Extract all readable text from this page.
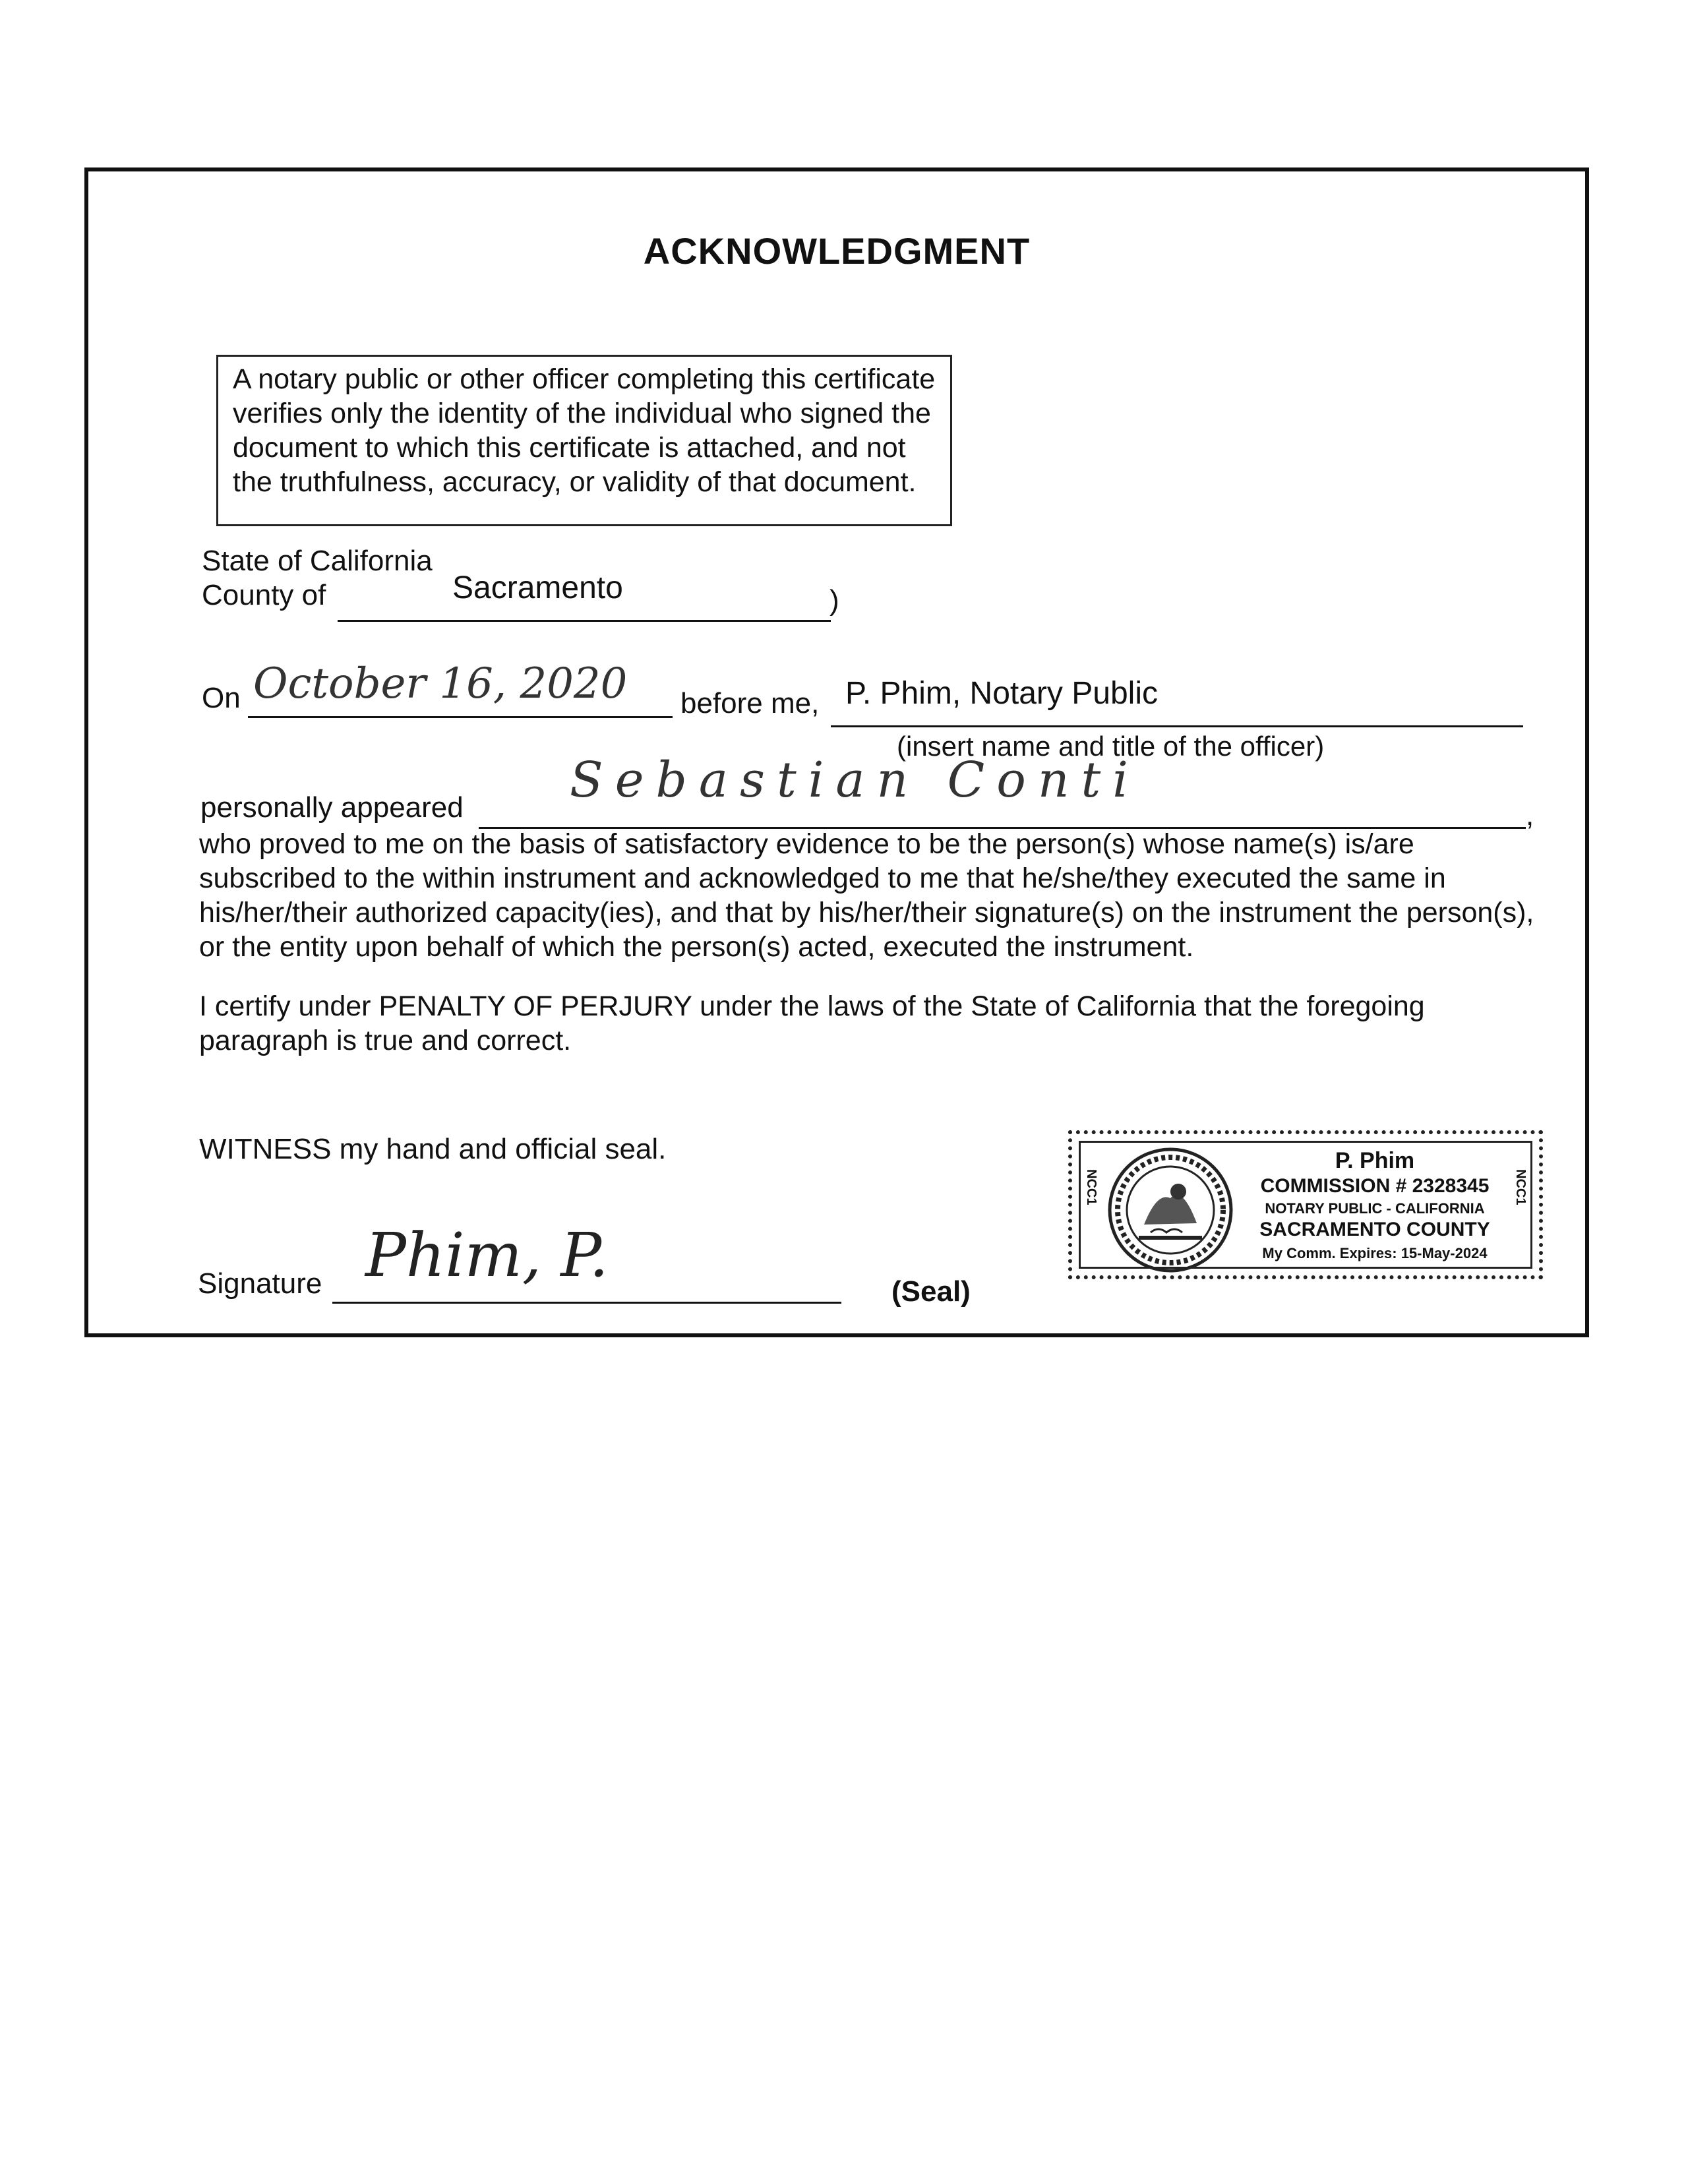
ACKNOWLEDGMENT
A notary public or other officer completing this certificate verifies only the identity of the individual who signed the document to which this certificate is attached, and not the truthfulness, accuracy, or validity of that document.
State of California
County of	Sacramento	)
On October 16, 2020 before me, P. Phim, Notary Public
(insert name and title of the officer)
personally appeared Sebastian Conti
,
who proved to me on the basis of satisfactory evidence to be the person(s) whose name(s) is/are subscribed to the within instrument and acknowledged to me that he/she/they executed the same in his/her/their authorized capacity(ies), and that by his/her/their signature(s) on the instrument the person(s), or the entity upon behalf of which the person(s) acted, executed the instrument.
I certify under PENALTY OF PERJURY under the laws of the State of California that the foregoing paragraph is true and correct.
WITNESS my hand and official seal.
Signature Phim, P.
(Seal)
NCC1	NCC1
P. Phim
COMMISSION # 2328345
NOTARY PUBLIC - CALIFORNIA
SACRAMENTO COUNTY
My Comm. Expires: 15-May-2024
